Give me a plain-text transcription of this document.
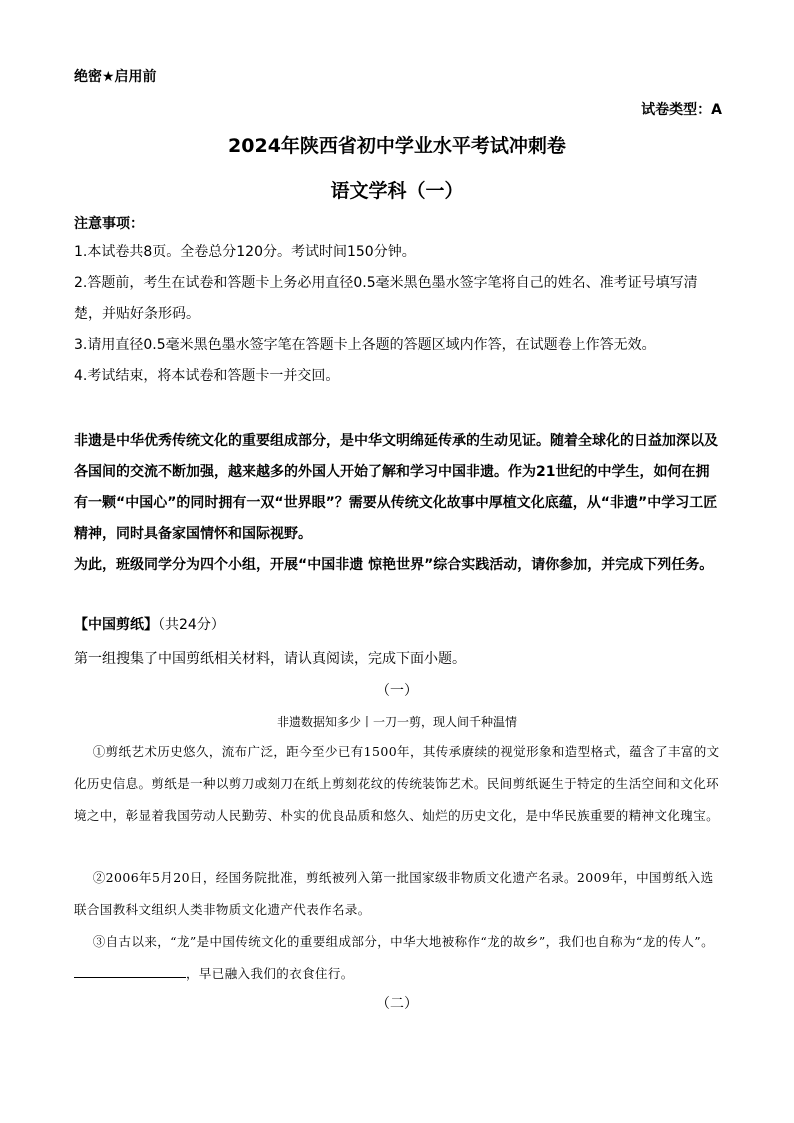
绝密★启用前
试卷类型：A
2024年陕西省初中学业水平考试冲刺卷
语文学科（一）
注意事项：

1.本试卷共8页。全卷总分120分。考试时间150分钟。

2.答题前，考生在试卷和答题卡上务必用直径0.5毫米黑色墨水签字笔将自己的姓名、准考证号填写清楚，并贴好条形码。

3.请用直径0.5毫米黑色墨水签字笔在答题卡上各题的答题区域内作答，在试题卷上作答无效。

4.考试结束，将本试卷和答题卡一并交回。

非遗是中华优秀传统文化的重要组成部分，是中华文明绵延传承的生动见证。随着全球化的日益加深以及各国间的交流不断加强，越来越多的外国人开始了解和学习中国非遗。作为21世纪的中学生，如何在拥有一颗“中国心”的同时拥有一双“世界眼”？需要从传统文化故事中厚植文化底蕴，从“非遗”中学习工匠精神，同时具备家国情怀和国际视野。

为此，班级同学分为四个小组，开展“中国非遗 惊艳世界”综合实践活动，请你参加，并完成下列任务。

【中国剪纸】（共24分）
第一组搜集了中国剪纸相关材料，请认真阅读，完成下面小题。
（一）
非遗数据知多少丨一刀一剪，现人间千种温情

①剪纸艺术历史悠久，流布广泛，距今至少已有1500年，其传承赓续的视觉形象和造型格式，蕴含了丰富的文化历史信息。剪纸是一种以剪刀或刻刀在纸上剪刻花纹的传统装饰艺术。民间剪纸诞生于特定的生活空间和文化环境之中，彰显着我国劳动人民勤劳、朴实的优良品质和悠久、灿烂的历史文化，是中华民族重要的精神文化瑰宝。

②2006年5月20日，经国务院批准，剪纸被列入第一批国家级非物质文化遗产名录。2009年，中国剪纸入选联合国教科文组织人类非物质文化遗产代表作名录。

③自古以来，“龙”是中国传统文化的重要组成部分，中华大地被称作“龙的故乡”，我们也自称为“龙的传人”。，早已融入我们的衣食住行。

（二）
